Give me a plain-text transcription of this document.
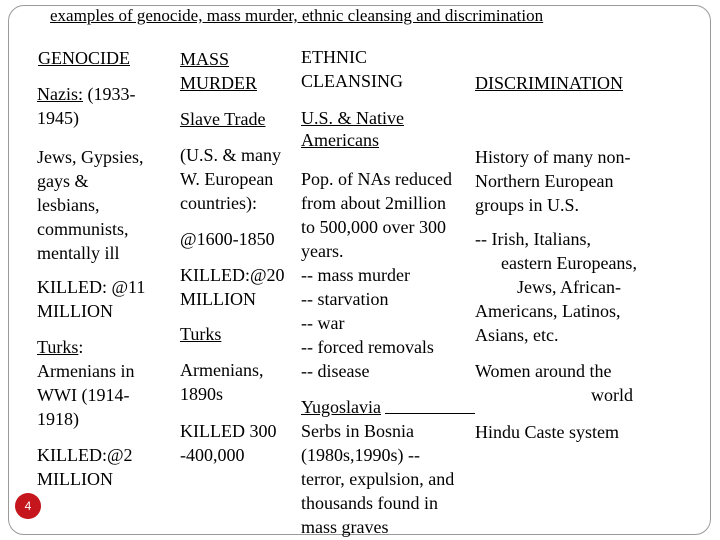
examples of genocide, mass murder, ethnic cleansing and discrimination
GENOCIDE
Nazis: (1933-
1945)
Jews, Gypsies,
gays &
lesbians,
communists,
mentally ill
KILLED: @11
MILLION
Turks:
Armenians in
WWI (1914-
1918)
KILLED:@2
MILLION
MASS
MURDER
Slave Trade
(U.S. & many
W. European
countries):
@1600-1850
KILLED:@20
MILLION
Turks
Armenians,
1890s
KILLED 300
-400,000
ETHNIC
CLEANSING
U.S. & Native
Americans
Pop. of NAs reduced
from about 2million
to 500,000 over 300
years.
-- mass murder
-- starvation
-- war
-- forced removals
-- disease
Yugoslavia
Serbs in Bosnia
(1980s,1990s) --
terror, expulsion, and
thousands found in
mass graves
DISCRIMINATION
History of many non-
Northern European
groups in U.S.
-- Irish, Italians,
eastern Europeans,
Jews, African-
Americans, Latinos,
Asians, etc.
Women around the
world
Hindu Caste system
4
